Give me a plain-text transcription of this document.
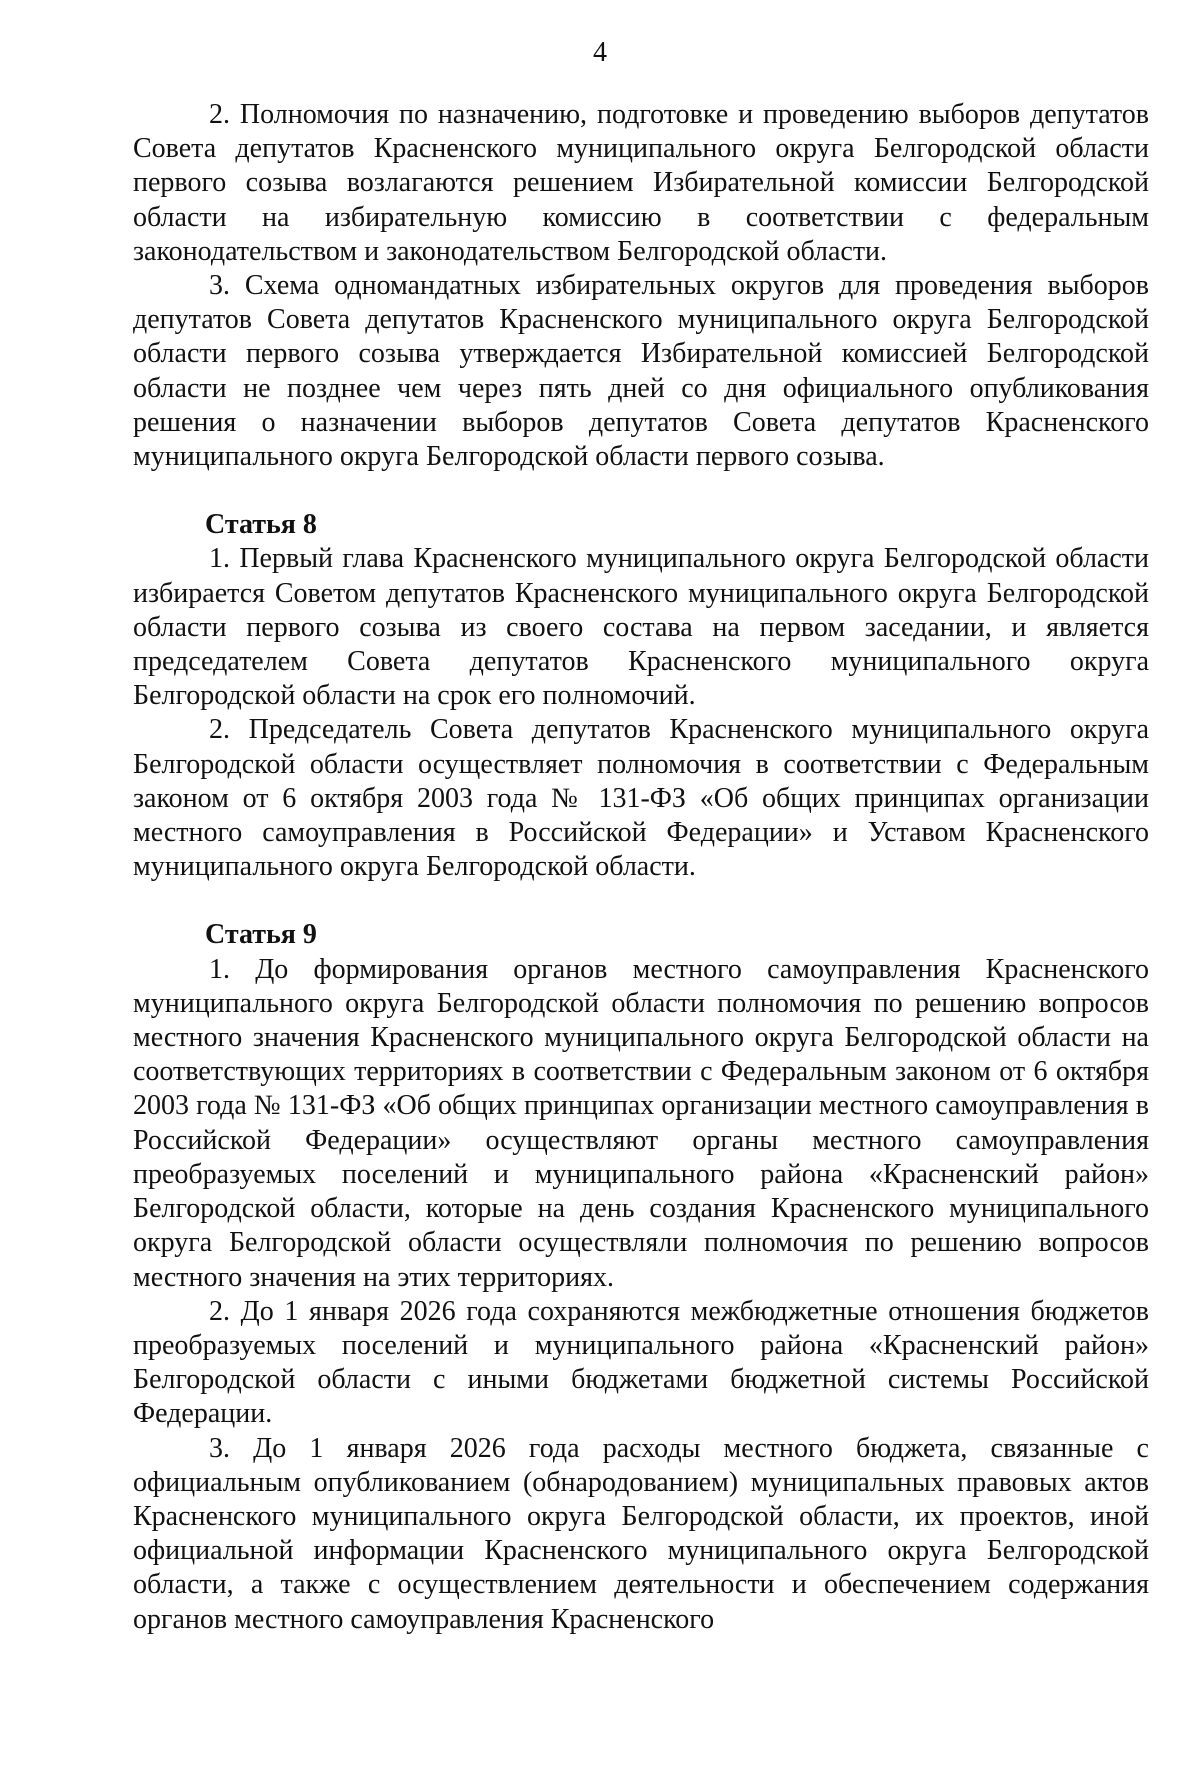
4

2. Полномочия по назначению, подготовке и проведению выборов депутатов Совета депутатов Красненского муниципального округа Белгородской области первого созыва возлагаются решением Избирательной комиссии Белгородской области на избирательную комиссию в соответствии с федеральным законодательством и законодательством Белгородской области.

3. Схема одномандатных избирательных округов для проведения выборов депутатов Совета депутатов Красненского муниципального округа Белгородской области первого созыва утверждается Избирательной комиссией Белгородской области не позднее чем через пять дней со дня официального опубликования решения о назначении выборов депутатов Совета депутатов Красненского муниципального округа Белгородской области первого созыва.

Статья 8

1. Первый глава Красненского муниципального округа Белгородской области избирается Советом депутатов Красненского муниципального округа Белгородской области первого созыва из своего состава на первом заседании, и является председателем Совета депутатов Красненского муниципального округа Белгородской области на срок его полномочий.

2. Председатель Совета депутатов Красненского муниципального округа Белгородской области осуществляет полномочия в соответствии с Федеральным законом от 6 октября 2003 года № 131-ФЗ «Об общих принципах организации местного самоуправления в Российской Федерации» и Уставом Красненского муниципального округа Белгородской области.

Статья 9

1. До формирования органов местного самоуправления Красненского муниципального округа Белгородской области полномочия по решению вопросов местного значения Красненского муниципального округа Белгородской области на соответствующих территориях в соответствии с Федеральным законом от 6 октября 2003 года № 131-ФЗ «Об общих принципах организации местного самоуправления в Российской Федерации» осуществляют органы местного самоуправления преобразуемых поселений и муниципального района «Красненский район» Белгородской области, которые на день создания Красненского муниципального округа Белгородской области осуществляли полномочия по решению вопросов местного значения на этих территориях.

2. До 1 января 2026 года сохраняются межбюджетные отношения бюджетов преобразуемых поселений и муниципального района «Красненский район» Белгородской области с иными бюджетами бюджетной системы Российской Федерации.

3. До 1 января 2026 года расходы местного бюджета, связанные с официальным опубликованием (обнародованием) муниципальных правовых актов Красненского муниципального округа Белгородской области, их проектов, иной официальной информации Красненского муниципального округа Белгородской области, а также с осуществлением деятельности и обеспечением содержания органов местного самоуправления Красненского
